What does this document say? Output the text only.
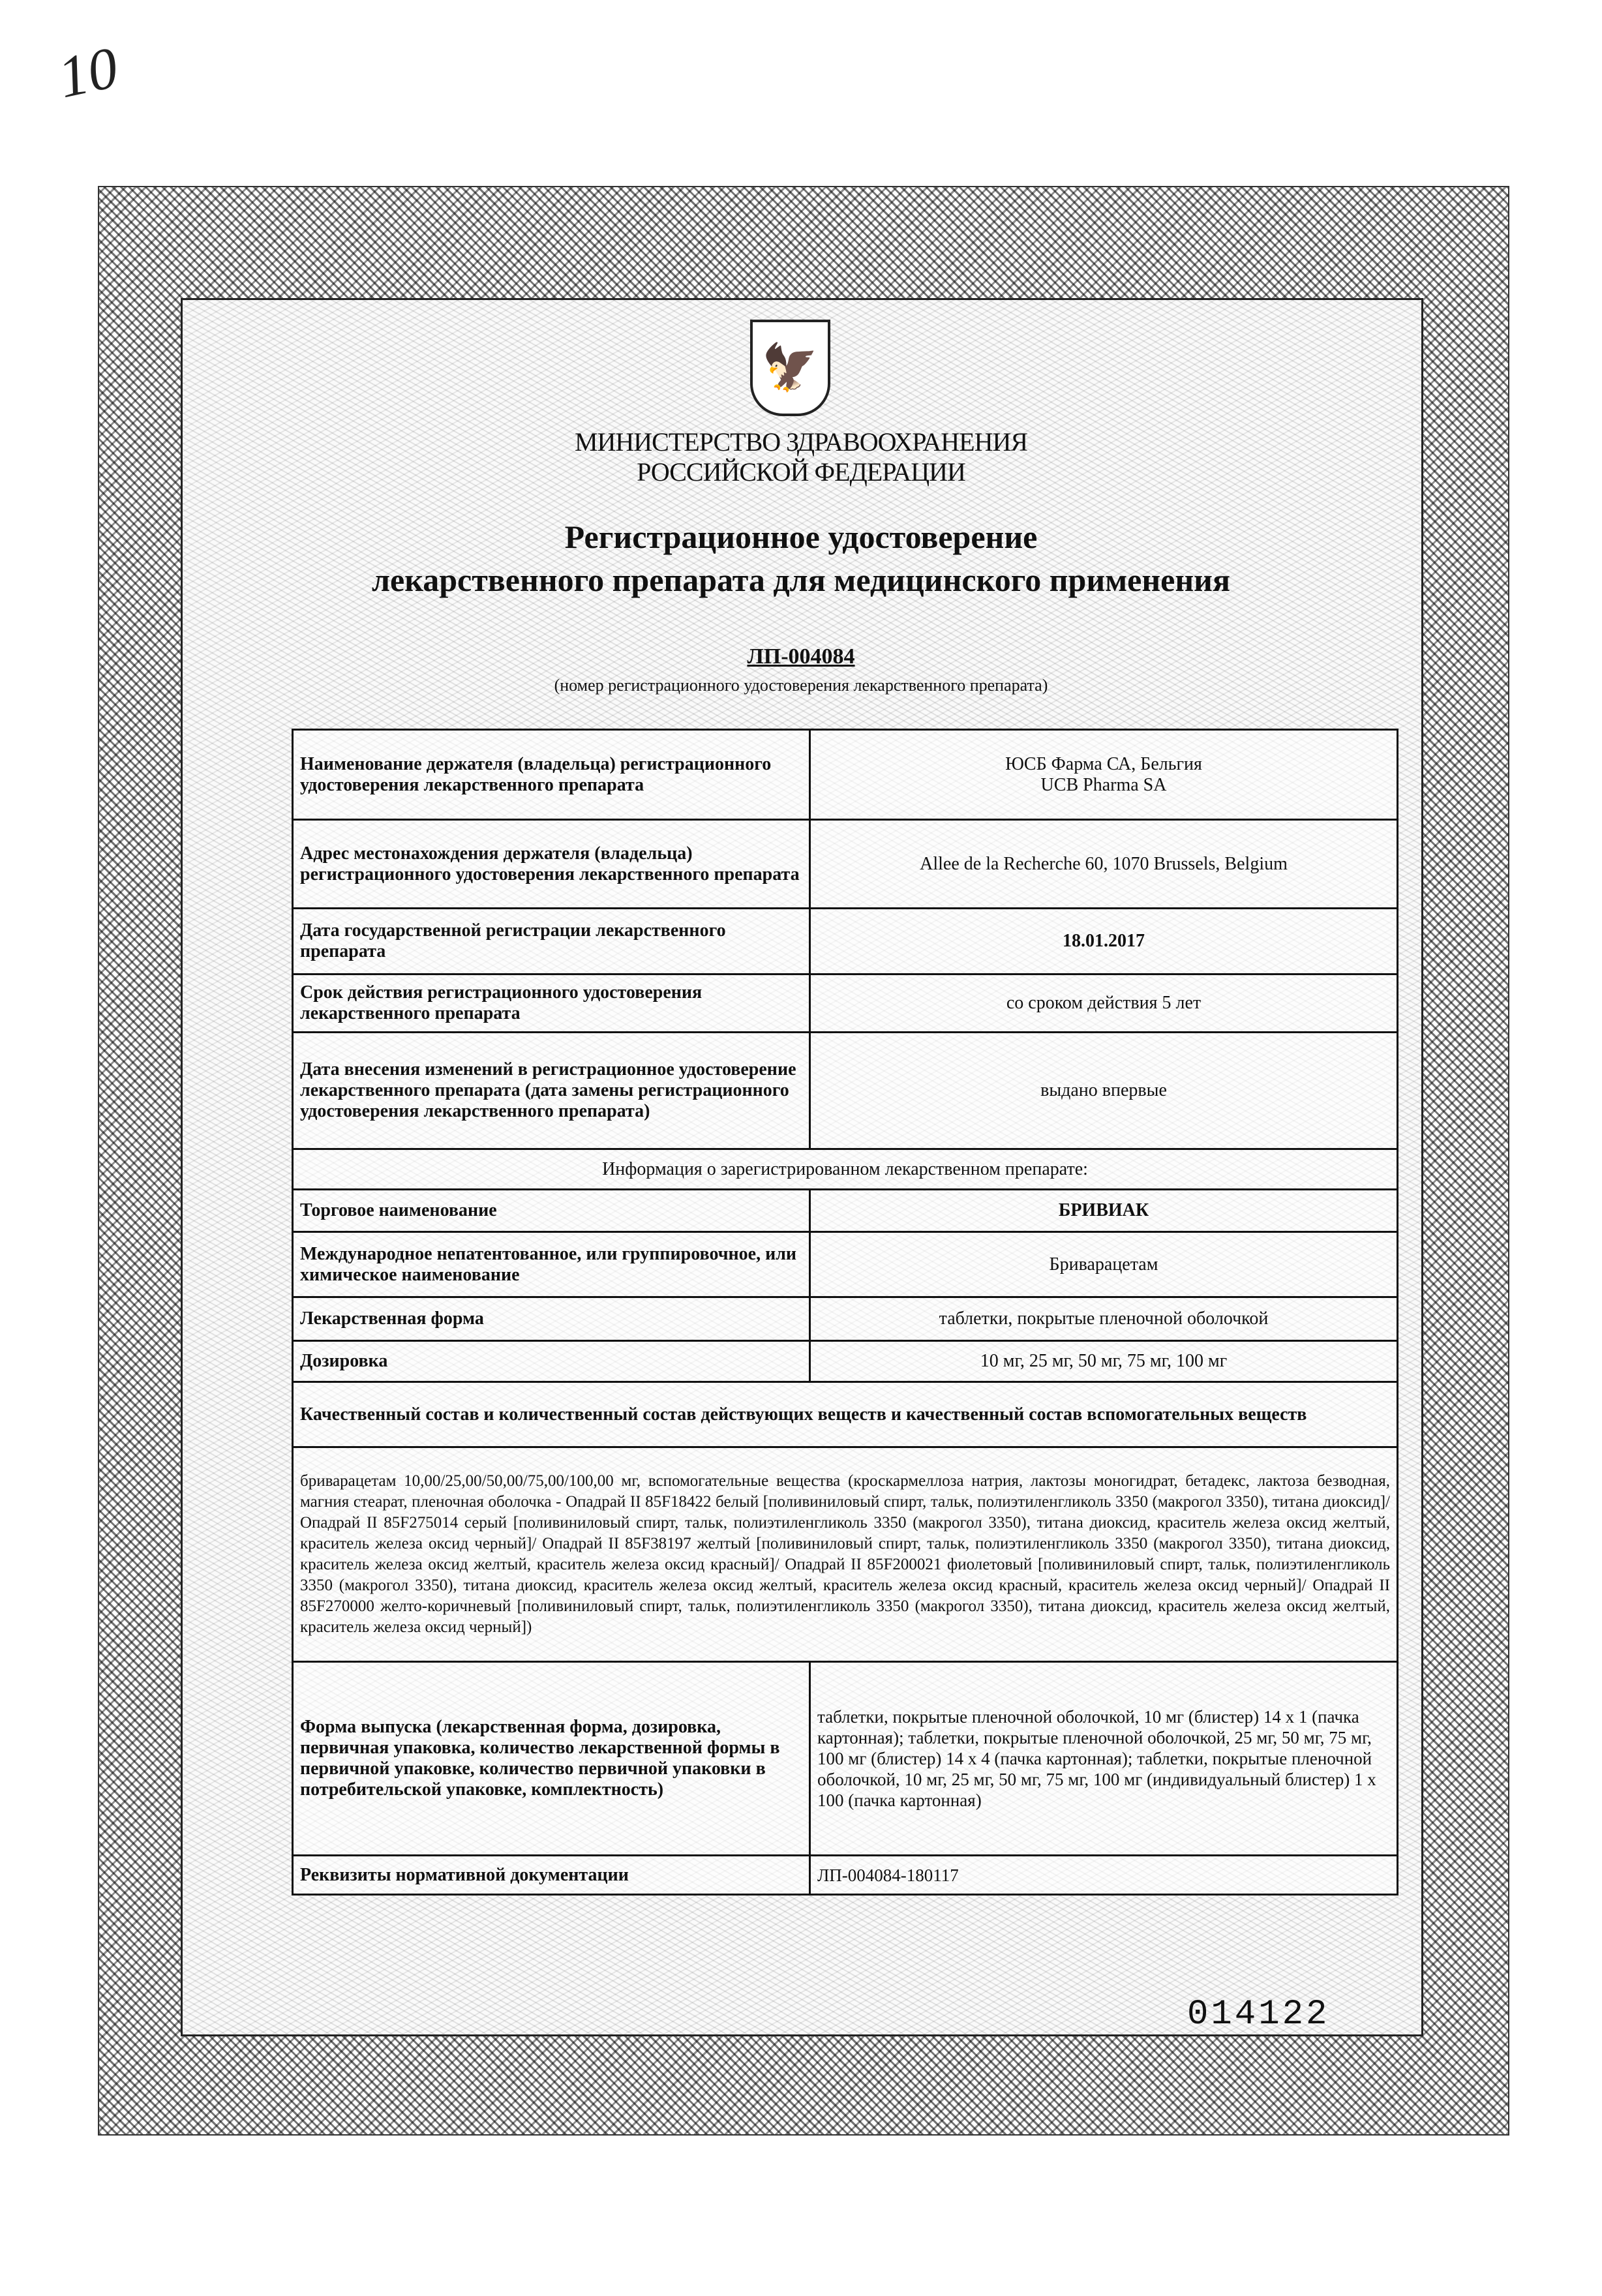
10
🦅
МИНИСТЕРСТВО ЗДРАВООХРАНЕНИЯ
РОССИЙСКОЙ ФЕДЕРАЦИИ
Регистрационное удостоверение
лекарственного препарата для медицинского применения
ЛП-004084
(номер регистрационного удостоверения лекарственного препарата)
Наименование держателя (владельца) регистрационного удостоверения лекарственного препарата	ЮСБ Фарма СА, Бельгия
UCB Pharma SA

Адрес местонахождения держателя (владельца) регистрационного удостоверения лекарственного препарата	Allee de la Recherche 60, 1070 Brussels, Belgium
Дата государственной регистрации лекарственного препарата	18.01.2017
Срок действия регистрационного удостоверения лекарственного препарата	со сроком действия 5 лет
Дата внесения изменений в регистрационное удостоверение лекарственного препарата (дата замены регистрационного удостоверения лекарственного препарата)	выдано впервые
Информация о зарегистрированном лекарственном препарате:	
Торговое наименование	БРИВИАК
Международное непатентованное, или группировочное, или химическое наименование	Бриварацетам
Лекарственная форма	таблетки, покрытые пленочной оболочкой
Дозировка	10 мг, 25 мг, 50 мг, 75 мг, 100 мг
Качественный состав и количественный состав действующих веществ и качественный состав вспомогательных веществ	
бриварацетам 10,00/25,00/50,00/75,00/100,00 мг, вспомогательные вещества (кроскармеллоза натрия, лактозы моногидрат, бетадекс, лактоза безводная, магния стеарат, пленочная оболочка - Опадрай II 85F18422 белый [поливиниловый спирт, тальк, полиэтиленгликоль 3350 (макрогол 3350), титана диоксид]/ Опадрай II 85F275014 серый [поливиниловый спирт, тальк, полиэтиленгликоль 3350 (макрогол 3350), титана диоксид, краситель железа оксид желтый, краситель железа оксид черный]/ Опадрай II 85F38197 желтый [поливиниловый спирт, тальк, полиэтиленгликоль 3350 (макрогол 3350), титана диоксид, краситель железа оксид желтый, краситель железа оксид красный]/ Опадрай II 85F200021 фиолетовый [поливиниловый спирт, тальк, полиэтиленгликоль 3350 (макрогол 3350), титана диоксид, краситель железа оксид желтый, краситель железа оксид красный, краситель железа оксид черный]/ Опадрай II 85F270000 желто-коричневый [поливиниловый спирт, тальк, полиэтиленгликоль 3350 (макрогол 3350), титана диоксид, краситель железа оксид желтый, краситель железа оксид черный])	
Форма выпуска (лекарственная форма, дозировка, первичная упаковка, количество лекарственной формы в первичной упаковке, количество первичной упаковки в потребительской упаковке, комплектность)	таблетки, покрытые пленочной оболочкой, 10 мг (блистер) 14 x 1 (пачка картонная); таблетки, покрытые пленочной оболочкой, 25 мг, 50 мг, 75 мг, 100 мг (блистер) 14 x 4 (пачка картонная); таблетки, покрытые пленочной оболочкой, 10 мг, 25 мг, 50 мг, 75 мг, 100 мг (индивидуальный блистер) 1 x 100 (пачка картонная)
Реквизиты нормативной документации	ЛП-004084-180117
014122
